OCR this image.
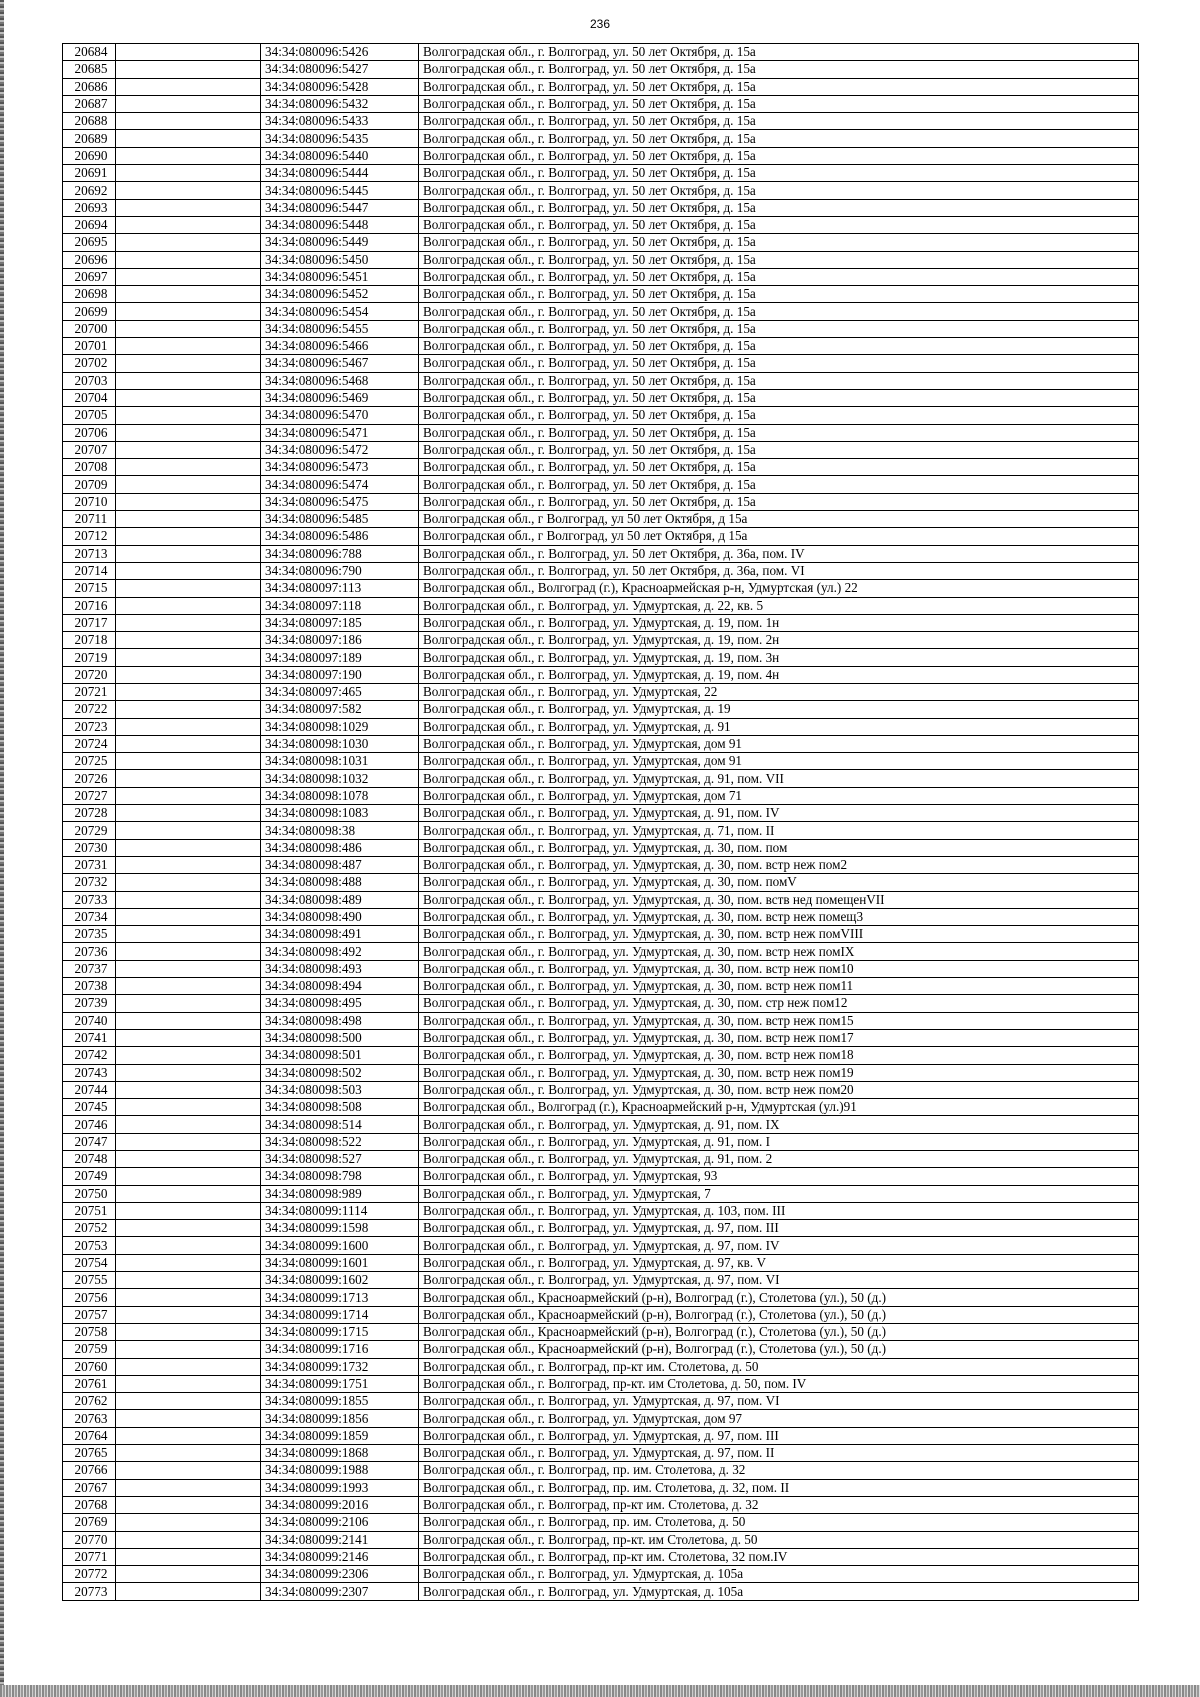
236
20684		34:34:080096:5426	Волгоградская обл., г. Волгоград, ул. 50 лет Октября, д. 15а
20685		34:34:080096:5427	Волгоградская обл., г. Волгоград, ул. 50 лет Октября, д. 15а
20686		34:34:080096:5428	Волгоградская обл., г. Волгоград, ул. 50 лет Октября, д. 15а
20687		34:34:080096:5432	Волгоградская обл., г. Волгоград, ул. 50 лет Октября, д. 15а
20688		34:34:080096:5433	Волгоградская обл., г. Волгоград, ул. 50 лет Октября, д. 15а
20689		34:34:080096:5435	Волгоградская обл., г. Волгоград, ул. 50 лет Октября, д. 15а
20690		34:34:080096:5440	Волгоградская обл., г. Волгоград, ул. 50 лет Октября, д. 15а
20691		34:34:080096:5444	Волгоградская обл., г. Волгоград, ул. 50 лет Октября, д. 15а
20692		34:34:080096:5445	Волгоградская обл., г. Волгоград, ул. 50 лет Октября, д. 15а
20693		34:34:080096:5447	Волгоградская обл., г. Волгоград, ул. 50 лет Октября, д. 15а
20694		34:34:080096:5448	Волгоградская обл., г. Волгоград, ул. 50 лет Октября, д. 15а
20695		34:34:080096:5449	Волгоградская обл., г. Волгоград, ул. 50 лет Октября, д. 15а
20696		34:34:080096:5450	Волгоградская обл., г. Волгоград, ул. 50 лет Октября, д. 15а
20697		34:34:080096:5451	Волгоградская обл., г. Волгоград, ул. 50 лет Октября, д. 15а
20698		34:34:080096:5452	Волгоградская обл., г. Волгоград, ул. 50 лет Октября, д. 15а
20699		34:34:080096:5454	Волгоградская обл., г. Волгоград, ул. 50 лет Октября, д. 15а
20700		34:34:080096:5455	Волгоградская обл., г. Волгоград, ул. 50 лет Октября, д. 15а
20701		34:34:080096:5466	Волгоградская обл., г. Волгоград, ул. 50 лет Октября, д. 15а
20702		34:34:080096:5467	Волгоградская обл., г. Волгоград, ул. 50 лет Октября, д. 15а
20703		34:34:080096:5468	Волгоградская обл., г. Волгоград, ул. 50 лет Октября, д. 15а
20704		34:34:080096:5469	Волгоградская обл., г. Волгоград, ул. 50 лет Октября, д. 15а
20705		34:34:080096:5470	Волгоградская обл., г. Волгоград, ул. 50 лет Октября, д. 15а
20706		34:34:080096:5471	Волгоградская обл., г. Волгоград, ул. 50 лет Октября, д. 15а
20707		34:34:080096:5472	Волгоградская обл., г. Волгоград, ул. 50 лет Октября, д. 15а
20708		34:34:080096:5473	Волгоградская обл., г. Волгоград, ул. 50 лет Октября, д. 15а
20709		34:34:080096:5474	Волгоградская обл., г. Волгоград, ул. 50 лет Октября, д. 15а
20710		34:34:080096:5475	Волгоградская обл., г. Волгоград, ул. 50 лет Октября, д. 15а
20711		34:34:080096:5485	Волгоградская обл., г Волгоград, ул 50 лет Октября, д 15а
20712		34:34:080096:5486	Волгоградская обл., г Волгоград, ул 50 лет Октября, д 15а
20713		34:34:080096:788	Волгоградская обл., г. Волгоград, ул. 50 лет Октября, д. 36а, пом. IV
20714		34:34:080096:790	Волгоградская обл., г. Волгоград, ул. 50 лет Октября, д. 36а, пом. VI
20715		34:34:080097:113	Волгоградская обл., Волгоград (г.), Красноармейская р-н, Удмуртская (ул.) 22
20716		34:34:080097:118	Волгоградская обл., г. Волгоград, ул. Удмуртская, д. 22, кв. 5
20717		34:34:080097:185	Волгоградская обл., г. Волгоград, ул. Удмуртская, д. 19, пом. 1н
20718		34:34:080097:186	Волгоградская обл., г. Волгоград, ул. Удмуртская, д. 19, пом. 2н
20719		34:34:080097:189	Волгоградская обл., г. Волгоград, ул. Удмуртская, д. 19, пом. 3н
20720		34:34:080097:190	Волгоградская обл., г. Волгоград, ул. Удмуртская, д. 19, пом. 4н
20721		34:34:080097:465	Волгоградская обл., г. Волгоград, ул. Удмуртская, 22
20722		34:34:080097:582	Волгоградская обл., г. Волгоград, ул. Удмуртская, д. 19
20723		34:34:080098:1029	Волгоградская обл., г. Волгоград, ул. Удмуртская, д. 91
20724		34:34:080098:1030	Волгоградская обл., г. Волгоград, ул. Удмуртская, дом 91
20725		34:34:080098:1031	Волгоградская обл., г. Волгоград, ул. Удмуртская, дом 91
20726		34:34:080098:1032	Волгоградская обл., г. Волгоград, ул. Удмуртская, д. 91, пом. VII
20727		34:34:080098:1078	Волгоградская обл., г. Волгоград, ул. Удмуртская, дом 71
20728		34:34:080098:1083	Волгоградская обл., г. Волгоград, ул. Удмуртская, д. 91, пом. IV
20729		34:34:080098:38	Волгоградская обл., г. Волгоград, ул. Удмуртская, д. 71, пом. II
20730		34:34:080098:486	Волгоградская обл., г. Волгоград, ул. Удмуртская, д. 30, пом. пом
20731		34:34:080098:487	Волгоградская обл., г. Волгоград, ул. Удмуртская, д. 30, пом. встр неж пом2
20732		34:34:080098:488	Волгоградская обл., г. Волгоград, ул. Удмуртская, д. 30, пом. помV
20733		34:34:080098:489	Волгоградская обл., г. Волгоград, ул. Удмуртская, д. 30, пом. вств нед помещенVII
20734		34:34:080098:490	Волгоградская обл., г. Волгоград, ул. Удмуртская, д. 30, пом. встр неж помещ3
20735		34:34:080098:491	Волгоградская обл., г. Волгоград, ул. Удмуртская, д. 30, пом. встр неж помVIII
20736		34:34:080098:492	Волгоградская обл., г. Волгоград, ул. Удмуртская, д. 30, пом. встр неж помIX
20737		34:34:080098:493	Волгоградская обл., г. Волгоград, ул. Удмуртская, д. 30, пом. встр неж пом10
20738		34:34:080098:494	Волгоградская обл., г. Волгоград, ул. Удмуртская, д. 30, пом. встр неж пом11
20739		34:34:080098:495	Волгоградская обл., г. Волгоград, ул. Удмуртская, д. 30, пом. стр неж пом12
20740		34:34:080098:498	Волгоградская обл., г. Волгоград, ул. Удмуртская, д. 30, пом. встр неж пом15
20741		34:34:080098:500	Волгоградская обл., г. Волгоград, ул. Удмуртская, д. 30, пом. встр неж пом17
20742		34:34:080098:501	Волгоградская обл., г. Волгоград, ул. Удмуртская, д. 30, пом. встр неж пом18
20743		34:34:080098:502	Волгоградская обл., г. Волгоград, ул. Удмуртская, д. 30, пом. встр неж пом19
20744		34:34:080098:503	Волгоградская обл., г. Волгоград, ул. Удмуртская, д. 30, пом. встр неж пом20
20745		34:34:080098:508	Волгоградская обл., Волгоград (г.), Красноармейский р-н, Удмуртская (ул.)91
20746		34:34:080098:514	Волгоградская обл., г. Волгоград, ул. Удмуртская, д. 91, пом. IX
20747		34:34:080098:522	Волгоградская обл., г. Волгоград, ул. Удмуртская, д. 91, пом. I
20748		34:34:080098:527	Волгоградская обл., г. Волгоград, ул. Удмуртская, д. 91, пом. 2
20749		34:34:080098:798	Волгоградская обл., г. Волгоград, ул. Удмуртская, 93
20750		34:34:080098:989	Волгоградская обл., г. Волгоград, ул. Удмуртская, 7
20751		34:34:080099:1114	Волгоградская обл., г. Волгоград, ул. Удмуртская, д. 103, пом. III
20752		34:34:080099:1598	Волгоградская обл., г. Волгоград, ул. Удмуртская, д. 97, пом. III
20753		34:34:080099:1600	Волгоградская обл., г. Волгоград, ул. Удмуртская, д. 97, пом. IV
20754		34:34:080099:1601	Волгоградская обл., г. Волгоград, ул. Удмуртская, д. 97, кв. V
20755		34:34:080099:1602	Волгоградская обл., г. Волгоград, ул. Удмуртская, д. 97, пом. VI
20756		34:34:080099:1713	Волгоградская обл., Красноармейский (р-н), Волгоград (г.), Столетова (ул.), 50 (д.)
20757		34:34:080099:1714	Волгоградская обл., Красноармейский (р-н), Волгоград (г.), Столетова (ул.), 50 (д.)
20758		34:34:080099:1715	Волгоградская обл., Красноармейский (р-н), Волгоград (г.), Столетова (ул.), 50 (д.)
20759		34:34:080099:1716	Волгоградская обл., Красноармейский (р-н), Волгоград (г.), Столетова (ул.), 50 (д.)
20760		34:34:080099:1732	Волгоградская обл., г. Волгоград, пр-кт им. Столетова, д. 50
20761		34:34:080099:1751	Волгоградская обл., г. Волгоград, пр-кт. им Столетова, д. 50, пом. IV
20762		34:34:080099:1855	Волгоградская обл., г. Волгоград, ул. Удмуртская, д. 97, пом. VI
20763		34:34:080099:1856	Волгоградская обл., г. Волгоград, ул. Удмуртская, дом 97
20764		34:34:080099:1859	Волгоградская обл., г. Волгоград, ул. Удмуртская, д. 97, пом. III
20765		34:34:080099:1868	Волгоградская обл., г. Волгоград, ул. Удмуртская, д. 97, пом. II
20766		34:34:080099:1988	Волгоградская обл., г. Волгоград, пр. им. Столетова, д. 32
20767		34:34:080099:1993	Волгоградская обл., г. Волгоград, пр. им. Столетова, д. 32, пом. II
20768		34:34:080099:2016	Волгоградская обл., г. Волгоград, пр-кт им. Столетова, д. 32
20769		34:34:080099:2106	Волгоградская обл., г. Волгоград, пр. им. Столетова, д. 50
20770		34:34:080099:2141	Волгоградская обл., г. Волгоград, пр-кт. им Столетова, д. 50
20771		34:34:080099:2146	Волгоградская обл., г. Волгоград, пр-кт им. Столетова, 32 пом.IV
20772		34:34:080099:2306	Волгоградская обл., г. Волгоград, ул. Удмуртская, д. 105а
20773		34:34:080099:2307	Волгоградская обл., г. Волгоград, ул. Удмуртская, д. 105а
